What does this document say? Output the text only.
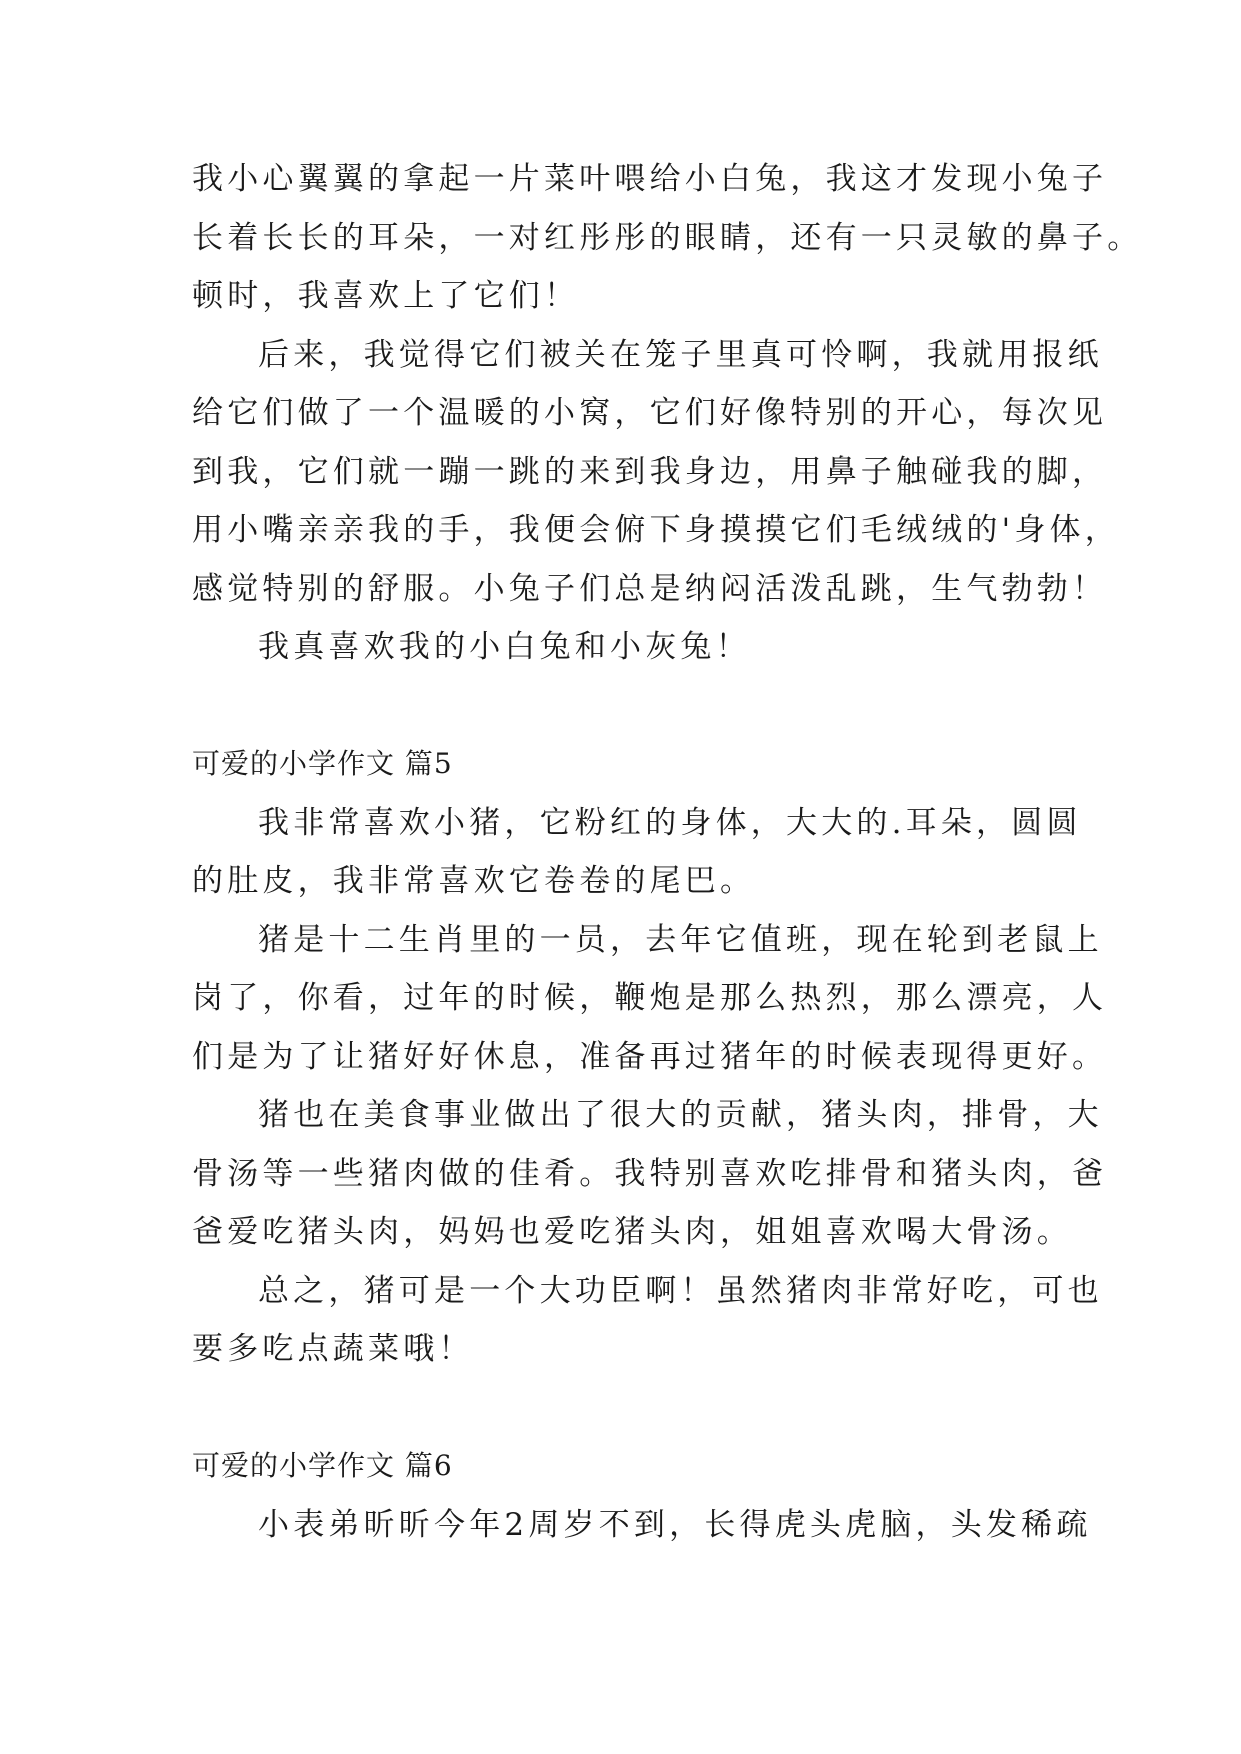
我小心翼翼的拿起一片菜叶喂给小白兔，我这才发现小兔子
长着长长的耳朵，一对红彤彤的眼睛，还有一只灵敏的鼻子。
顿时，我喜欢上了它们！
后来，我觉得它们被关在笼子里真可怜啊，我就用报纸
给它们做了一个温暖的小窝，它们好像特别的开心，每次见
到我，它们就一蹦一跳的来到我身边，用鼻子触碰我的脚，
用小嘴亲亲我的手，我便会俯下身摸摸它们毛绒绒的'身体，
感觉特别的舒服。小兔子们总是纳闷活泼乱跳，生气勃勃！
我真喜欢我的小白兔和小灰兔！
可爱的小学作文 篇5
我非常喜欢小猪，它粉红的身体，大大的.耳朵，圆圆
的肚皮，我非常喜欢它卷卷的尾巴。
猪是十二生肖里的一员，去年它值班，现在轮到老鼠上
岗了，你看，过年的时候，鞭炮是那么热烈，那么漂亮，人
们是为了让猪好好休息，准备再过猪年的时候表现得更好。
猪也在美食事业做出了很大的贡献，猪头肉，排骨，大
骨汤等一些猪肉做的佳肴。我特别喜欢吃排骨和猪头肉，爸
爸爱吃猪头肉，妈妈也爱吃猪头肉，姐姐喜欢喝大骨汤。
总之，猪可是一个大功臣啊！虽然猪肉非常好吃，可也
要多吃点蔬菜哦！
可爱的小学作文 篇6
小表弟昕昕今年2周岁不到，长得虎头虎脑，头发稀疏
